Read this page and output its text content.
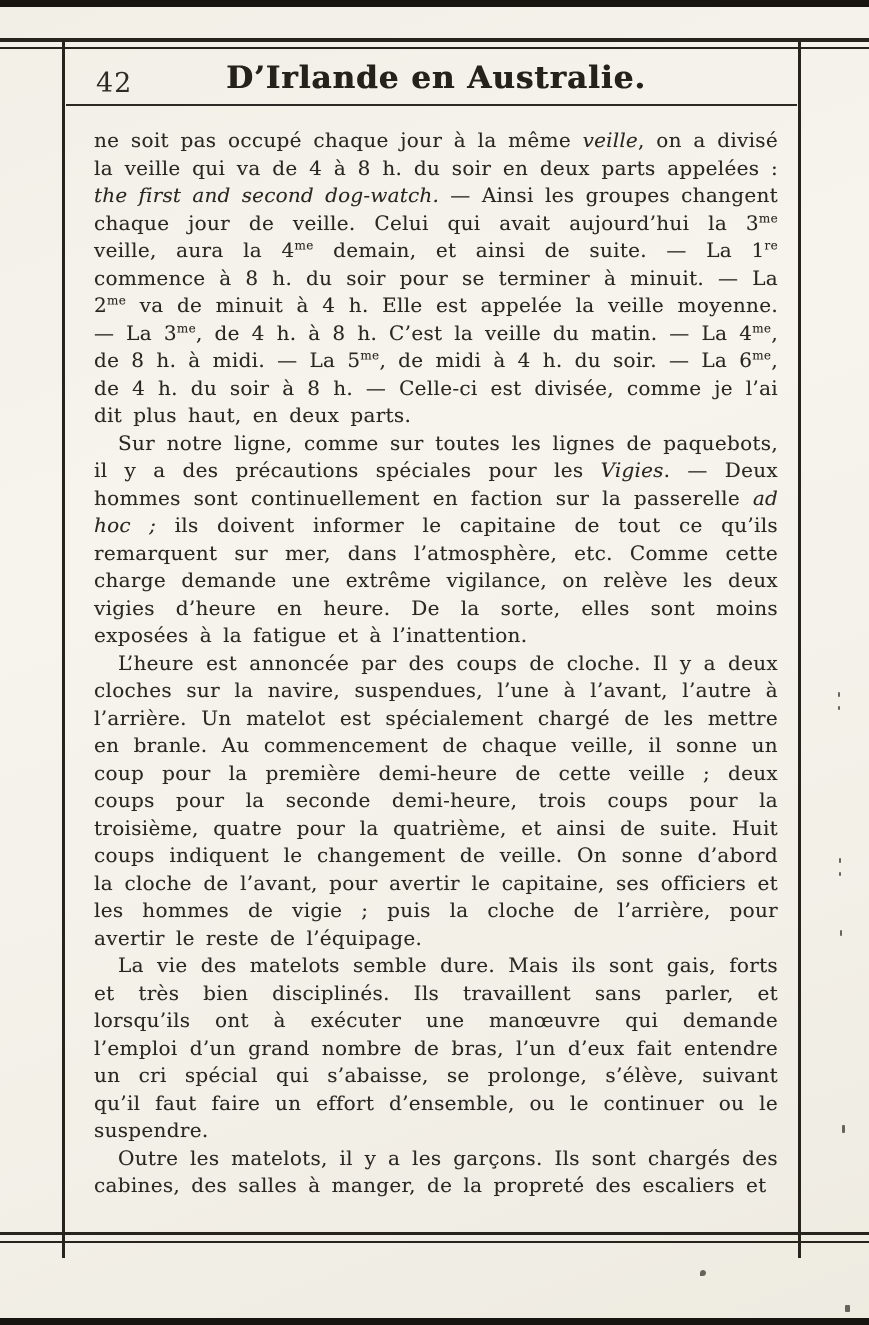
42	D’Irlande en Australie.

ne soit pas occupé chaque jour à la même veille, on a divisé la veille qui va de 4 à 8 h. du soir en deux parts appelées : the first and second dog-watch. — Ainsi les groupes changent chaque jour de veille. Celui qui avait aujourd’hui la $3^{me}$ veille, aura la $4^{me}$ demain, et ainsi de suite. — La 1re commence à 8 h. du soir pour se terminer à minuit. — La $2^{me}$ va de minuit à 4 h. Elle est appelée la veille moyenne. — La $3^{me}$, de 4 h. à 8 h. C’est la veille du matin. — La $4^{me}$, de 8 h. à midi. — La $5^{me}$, de midi à 4 h. du soir. — La $6^{me}$, de 4 h. du soir à 8 h. — Celle-ci est divisée, comme je l’ai dit plus haut, en deux parts.

Sur notre ligne, comme sur toutes les lignes de paquebots, il y a des précautions spéciales pour les Vigies. — Deux hommes sont continuellement en faction sur la passerelle ad hoc ; ils doivent informer le capitaine de tout ce qu’ils remarquent sur mer, dans l’atmosphère, etc. Comme cette charge demande une extrême vigilance, on relève les deux vigies d’heure en heure. De la sorte, elles sont moins exposées à la fatigue et à l’inattention.

L’heure est annoncée par des coups de cloche. Il y a deux cloches sur la navire, suspendues, l’une à l’avant, l’autre à l’arrière. Un matelot est spécialement chargé de les mettre en branle. Au commencement de chaque veille, il sonne un coup pour la première demi-heure de cette veille ; deux coups pour la seconde demi-heure, trois coups pour la troisième, quatre pour la quatrième, et ainsi de suite. Huit coups indiquent le changement de veille. On sonne d’abord la cloche de l’avant, pour avertir le capitaine, ses officiers et les hommes de vigie ; puis la cloche de l’arrière, pour avertir le reste de l’équipage.

La vie des matelots semble dure. Mais ils sont gais, forts et très bien disciplinés. Ils travaillent sans parler, et lorsqu’ils ont à exécuter une manœuvre qui demande l’emploi d’un grand nombre de bras, l’un d’eux fait entendre un cri spécial qui s’abaisse, se prolonge, s’élève, suivant qu’il faut faire un effort d’ensemble, ou le continuer ou le suspendre.

Outre les matelots, il y a les garçons. Ils sont chargés des cabines, des salles à manger, de la propreté des escaliers et
